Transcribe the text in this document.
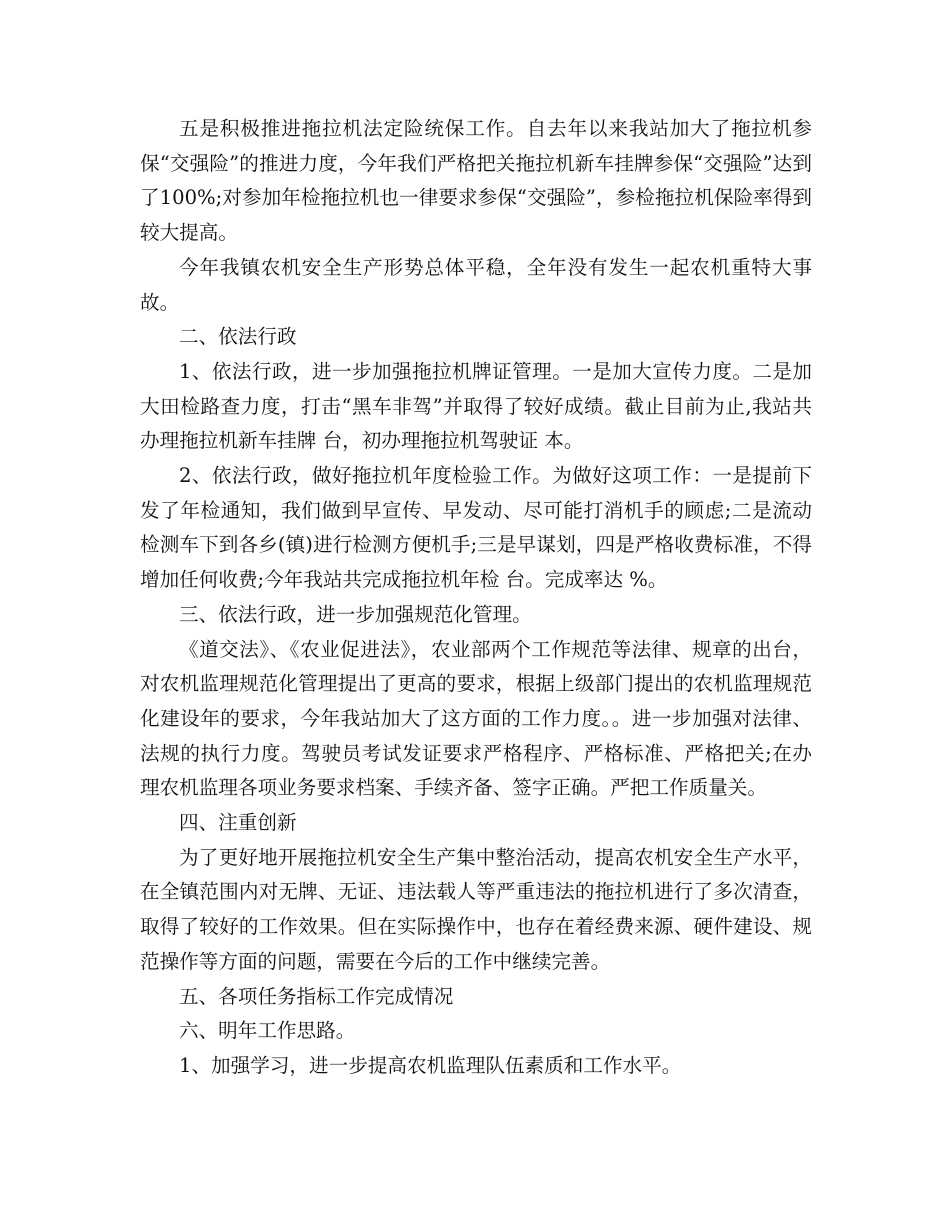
五是积极推进拖拉机法定险统保工作。自去年以来我站加大了拖拉机参保“交强险”的推进力度，今年我们严格把关拖拉机新车挂牌参保“交强险”达到了100%;对参加年检拖拉机也一律要求参保“交强险”，参检拖拉机保险率得到较大提高。

今年我镇农机安全生产形势总体平稳，全年没有发生一起农机重特大事故。

二、依法行政

1、依法行政，进一步加强拖拉机牌证管理。一是加大宣传力度。二是加大田检路查力度，打击“黑车非驾”并取得了较好成绩。截止目前为止,我站共办理拖拉机新车挂牌 台，初办理拖拉机驾驶证 本。

2、依法行政，做好拖拉机年度检验工作。为做好这项工作：一是提前下发了年检通知，我们做到早宣传、早发动、尽可能打消机手的顾虑;二是流动检测车下到各乡(镇)进行检测方便机手;三是早谋划，四是严格收费标准，不得增加任何收费;今年我站共完成拖拉机年检 台。完成率达 %。

三、依法行政，进一步加强规范化管理。

《道交法》、《农业促进法》，农业部两个工作规范等法律、规章的出台，对农机监理规范化管理提出了更高的要求，根据上级部门提出的农机监理规范化建设年的要求，今年我站加大了这方面的工作力度。。进一步加强对法律、法规的执行力度。驾驶员考试发证要求严格程序、严格标准、严格把关;在办理农机监理各项业务要求档案、手续齐备、签字正确。严把工作质量关。

四、注重创新

为了更好地开展拖拉机安全生产集中整治活动，提高农机安全生产水平，在全镇范围内对无牌、无证、违法载人等严重违法的拖拉机进行了多次清查，取得了较好的工作效果。但在实际操作中，也存在着经费来源、硬件建设、规范操作等方面的问题，需要在今后的工作中继续完善。

五、各项任务指标工作完成情况

六、明年工作思路。

1、加强学习，进一步提高农机监理队伍素质和工作水平。
